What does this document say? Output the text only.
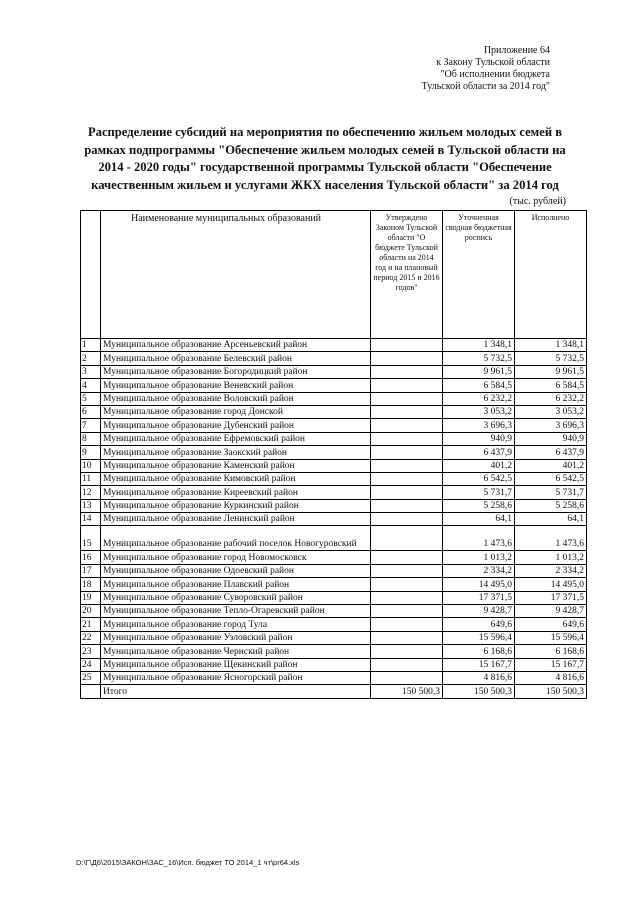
Приложение 64
к Закону Тульской области
"Об исполнении бюджета
Тульской области за 2014 год"
Распределение субсидий на мероприятия по обеспечению жильем молодых семей в рамках подпрограммы "Обеспечение жильем молодых семей в Тульской области на 2014 - 2020 годы" государственной программы Тульской области "Обеспечение качественным жильем и услугами ЖКХ населения Тульской области" за 2014 год
(тыс. рублей)
	Наименование муниципальных образований	Утверждено Законом Тульской области "О бюджете Тульской области на 2014 год и на плановый период 2015 и 2016 годов"	Уточненная сводная бюджетная роспись	Исполнено
1	Муниципальное образование Арсеньевский район		1 348,1	1 348,1
2	Муниципальное образование Белевский район		5 732,5	5 732,5
3	Муниципальное образование Богородицкий район		9 961,5	9 961,5
4	Муниципальное образование Веневский район		6 584,5	6 584,5
5	Муниципальное образование Воловский район		6 232,2	6 232,2
6	Муниципальное образование город Донской		3 053,2	3 053,2
7	Муниципальное образование Дубенский район		3 696,3	3 696,3
8	Муниципальное образование Ефремовский район		940,9	940,9
9	Муниципальное образование Заокский район		6 437,9	6 437,9
10	Муниципальное образование Каменский район		401,2	401,2
11	Муниципальное образование Кимовский район		6 542,5	6 542,5
12	Муниципальное образование Киреевский район		5 731,7	5 731,7
13	Муниципальное образование Куркинский район		5 258,6	5 258,6
14	Муниципальное образование Ленинский район		64,1	64,1
15	Муниципальное образование рабочий поселок Новогуровский		1 473,6	1 473,6
16	Муниципальное образование город Новомосковск		1 013,2	1 013,2
17	Муниципальное образование Одоевский район		2 334,2	2 334,2
18	Муниципальное образование Плавский район		14 495,0	14 495,0
19	Муниципальное образование Суворовский район		17 371,5	17 371,5
20	Муниципальное образование Тепло-Огаревский район		9 428,7	9 428,7
21	Муниципальное образование город Тула		649,6	649,6
22	Муниципальное образование Узловский район		15 596,4	15 596,4
23	Муниципальное образование Чернский район		6 168,6	6 168,6
24	Муниципальное образование Щекинский район		15 167,7	15 167,7
25	Муниципальное образование Ясногорский район		4 816,6	4 816,6
	Итого	150 500,3	150 500,3	150 500,3
D:\Г\Д6\2015\ЗАКОН\ЗАС_16\Исп. бюджет ТО 2014_1 чт\pr64.xls
